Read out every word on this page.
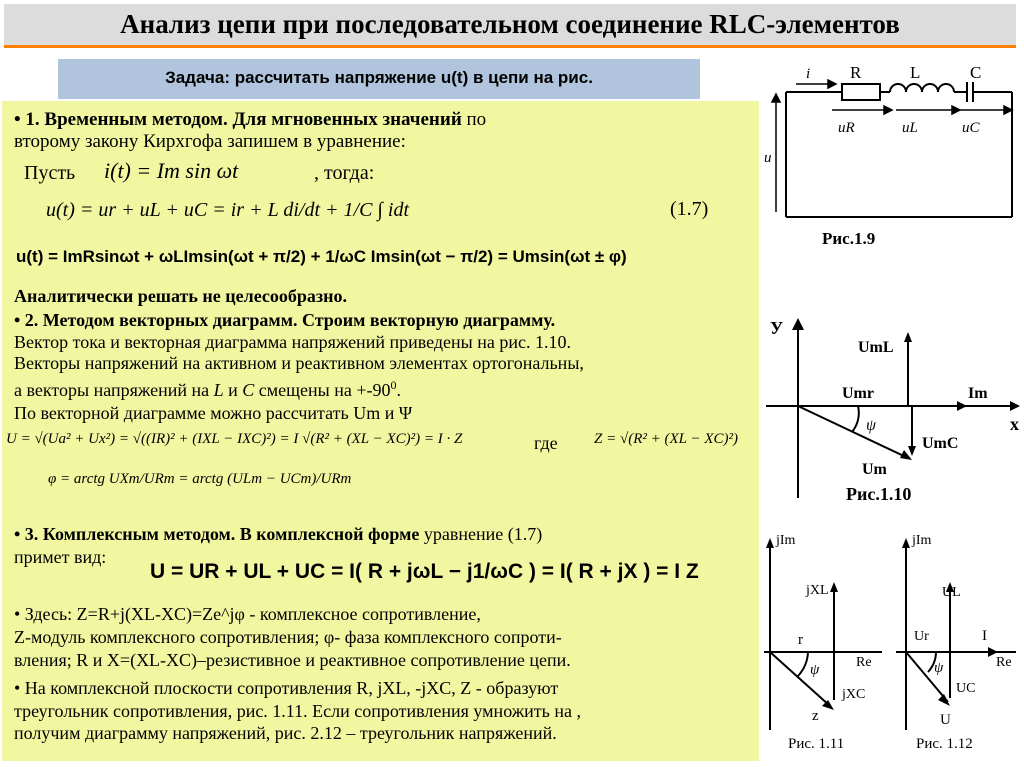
Анализ цепи при последовательном соединение RLC-элементов
Задача: рассчитать напряжение u(t) в цепи на рис.
• 1. Временным методом. Для мгновенных значений по
второму закону Кирхгофа запишем в уравнение:
Пусть i(t) = Im sin ωt	, тогда:
u(t) = ur + uL + uC = ir + L di/dt + 1/C ∫ idt	(1.7)
u(t) = ImRsinωt + ωLImsin(ωt + π/2) + 1/ωC Imsin(ωt − π/2) = Umsin(ωt ± φ)
Аналитически решать не целесообразно.
• 2. Методом векторных диаграмм. Строим векторную диаграмму.
Вектор тока и векторная диаграмма напряжений приведены на рис. 1.10.
Векторы напряжений на активном и реактивном элементах ортогональны,
а векторы напряжений на L и C смещены на $+-90^0$.
По векторной диаграмме можно рассчитать Um и Ψ
U = √(Ua² + Ux²) = √((IR)² + (IXL − IXC)²) = I √(R² + (XL − XC)²) = I · Z	где Z = √(R² + (XL − XC)²)
φ = arctg UXm/URm = arctg (ULm − UCm)/URm
• 3. Комплексным методом. В комплексной форме уравнение (1.7)
примет вид:
U = UR + UL + UC = I( R + jωL − j1/ωC ) = I( R + jX ) = I Z
• Здесь: Z=R+j(XL-XC)=Ze^jφ - комплексное сопротивление,
Z-модуль комплексного сопротивления; φ- фаза комплексного сопроти-
вления; R и X=(XL-XC)–резистивное и реактивное сопротивление цепи.
• На комплексной плоскости сопротивления R, jXL, -jXC, Z - образуют
треугольник сопротивления, рис. 1.11. Если сопротивления умножить на ,
получим диаграмму напряжений, рис. 2.12 – треугольник напряжений.
i R	L	C
uR	uL	uC
u
Рис.1.9
У
x
UmL
Umr	Im
ψ
UmC
Um
Рис.1.10
jIm
jXL
r
ψ	Re
jXC
z
Рис. 1.11
jIm
UL
Ur	I
ψ	Re
UC
U
Рис. 1.12
